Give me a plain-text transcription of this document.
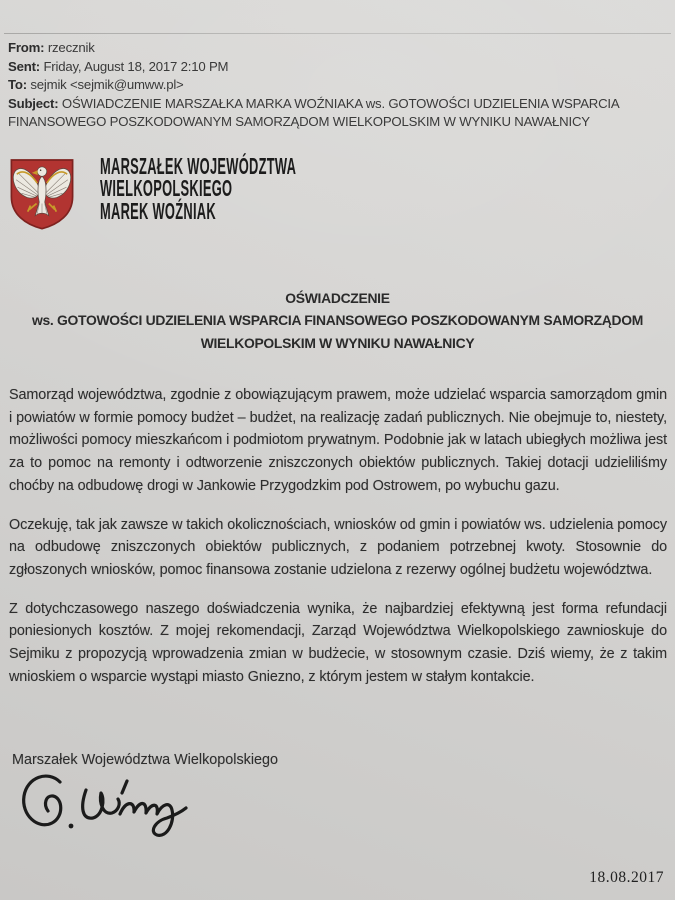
From: rzecznik
Sent: Friday, August 18, 2017 2:10 PM
To: sejmik <sejmik@umww.pl>
Subject: OŚWIADCZENIE MARSZAŁKA MARKA WOŹNIAKA ws. GOTOWOŚCI UDZIELENIA WSPARCIA FINANSOWEGO POSZKODOWANYM SAMORZĄDOM WIELKOPOLSKIM W WYNIKU NAWAŁNICY
MARSZAŁEK WOJEWÓDZTWA
WIELKOPOLSKIEGO
MAREK WOŹNIAK
OŚWIADCZENIE
ws. GOTOWOŚCI UDZIELENIA WSPARCIA FINANSOWEGO POSZKODOWANYM SAMORZĄDOM
WIELKOPOLSKIM W WYNIKU NAWAŁNICY

Samorząd województwa, zgodnie z obowiązującym prawem, może udzielać wsparcia samorządom gmin i powiatów w formie pomocy budżet – budżet, na realizację zadań publicznych. Nie obejmuje to, niestety, możliwości pomocy mieszkańcom i podmiotom prywatnym. Podobnie jak w latach ubiegłych możliwa jest za to pomoc na remonty i odtworzenie zniszczonych obiektów publicznych. Takiej dotacji udzieliliśmy choćby na odbudowę drogi w Jankowie Przygodzkim pod Ostrowem, po wybuchu gazu.

Oczekuję, tak jak zawsze w takich okolicznościach, wniosków od gmin i powiatów ws. udzielenia pomocy na odbudowę zniszczonych obiektów publicznych, z podaniem potrzebnej kwoty. Stosownie do zgłoszonych wniosków, pomoc finansowa zostanie udzielona z rezerwy ogólnej budżetu województwa.

Z dotychczasowego naszego doświadczenia wynika, że najbardziej efektywną jest forma refundacji poniesionych kosztów. Z mojej rekomendacji, Zarząd Województwa Wielkopolskiego zawnioskuje do Sejmiku z propozycją wprowadzenia zmian w budżecie, w stosownym czasie. Dziś wiemy, że z takim wnioskiem o wsparcie wystąpi miasto Gniezno, z którym jestem w stałym kontakcie.

Marszałek Województwa Wielkopolskiego
18.08.2017
